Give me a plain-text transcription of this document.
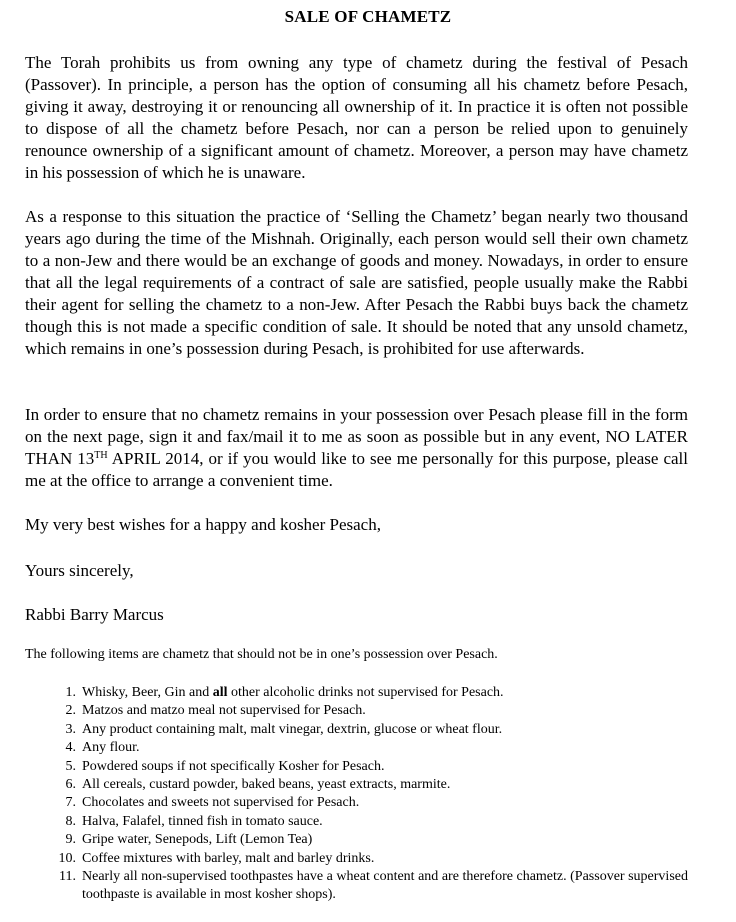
SALE OF CHAMETZ

The Torah prohibits us from owning any type of chametz during the festival of Pesach (Passover). In principle, a person has the option of consuming all his chametz before Pesach, giving it away, destroying it or renouncing all ownership of it. In practice it is often not possible to dispose of all the chametz before Pesach, nor can a person be relied upon to genuinely renounce ownership of a significant amount of chametz. Moreover, a person may have chametz in his possession of which he is unaware.

As a response to this situation the practice of ‘Selling the Chametz’ began nearly two thousand years ago during the time of the Mishnah. Originally, each person would sell their own chametz to a non-Jew and there would be an exchange of goods and money. Nowadays, in order to ensure that all the legal requirements of a contract of sale are satisfied, people usually make the Rabbi their agent for selling the chametz to a non-Jew. After Pesach the Rabbi buys back the chametz though this is not made a specific condition of sale. It should be noted that any unsold chametz, which remains in one’s possession during Pesach, is prohibited for use afterwards.

In order to ensure that no chametz remains in your possession over Pesach please fill in the form on the next page, sign it and fax/mail it to me as soon as possible but in any event, NO LATER THAN 13TH APRIL 2014, or if you would like to see me personally for this purpose, please call me at the office to arrange a convenient time.

My very best wishes for a happy and kosher Pesach,

Yours sincerely,

Rabbi Barry Marcus

The following items are chametz that should not be in one’s possession over Pesach.
1. Whisky, Beer, Gin and all other alcoholic drinks not supervised for Pesach.
2. Matzos and matzo meal not supervised for Pesach.
3. Any product containing malt, malt vinegar, dextrin, glucose or wheat flour.
4. Any flour.
5. Powdered soups if not specifically Kosher for Pesach.
6. All cereals, custard powder, baked beans, yeast extracts, marmite.
7. Chocolates and sweets not supervised for Pesach.
8. Halva, Falafel, tinned fish in tomato sauce.
9. Gripe water, Senepods, Lift (Lemon Tea)
10. Coffee mixtures with barley, malt and barley drinks.
11. Nearly all non-supervised toothpastes have a wheat content and are therefore chametz. (Passover supervised toothpaste is available in most kosher shops).
